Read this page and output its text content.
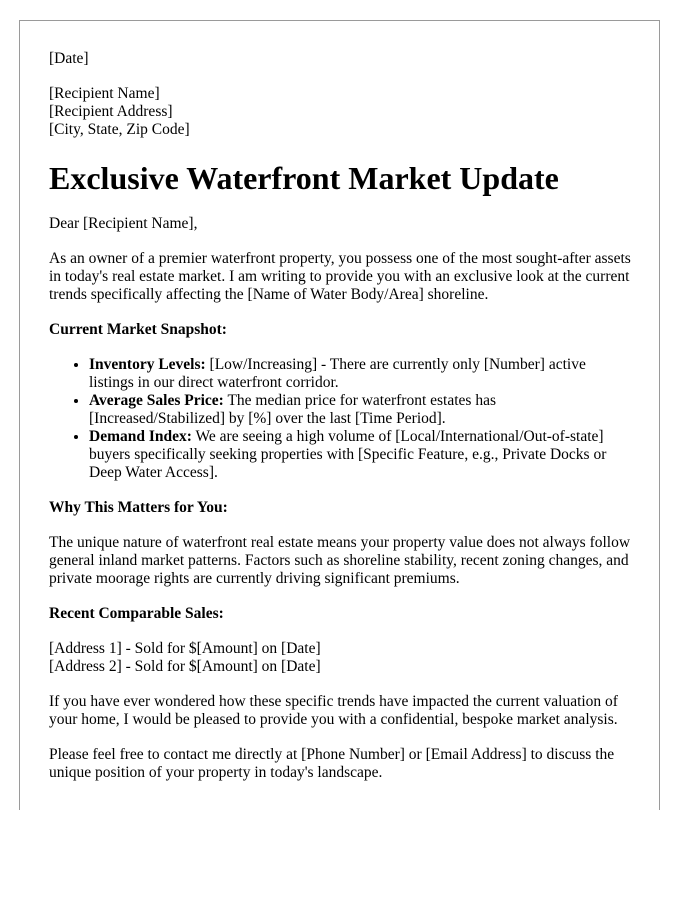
[Date]

[Recipient Name]

[Recipient Address]

[City, State, Zip Code]

Exclusive Waterfront Market Update

Dear [Recipient Name],

As an owner of a premier waterfront property, you possess one of the most sought-after assets in today's real estate market. I am writing to provide you with an exclusive look at the current trends specifically affecting the [Name of Water Body/Area] shoreline.

Current Market Snapshot:

• Inventory Levels: [Low/Increasing] - There are currently only [Number] active listings in our direct waterfront corridor.
• Average Sales Price: The median price for waterfront estates has [Increased/Stabilized] by [%] over the last [Time Period].
• Demand Index: We are seeing a high volume of [Local/International/Out-of-state] buyers specifically seeking properties with [Specific Feature, e.g., Private Docks or Deep Water Access].

Why This Matters for You:

The unique nature of waterfront real estate means your property value does not always follow general inland market patterns. Factors such as shoreline stability, recent zoning changes, and private moorage rights are currently driving significant premiums.

Recent Comparable Sales:

[Address 1] - Sold for $[Amount] on [Date]

[Address 2] - Sold for $[Amount] on [Date]

If you have ever wondered how these specific trends have impacted the current valuation of your home, I would be pleased to provide you with a confidential, bespoke market analysis.

Please feel free to contact me directly at [Phone Number] or [Email Address] to discuss the unique position of your property in today's landscape.
